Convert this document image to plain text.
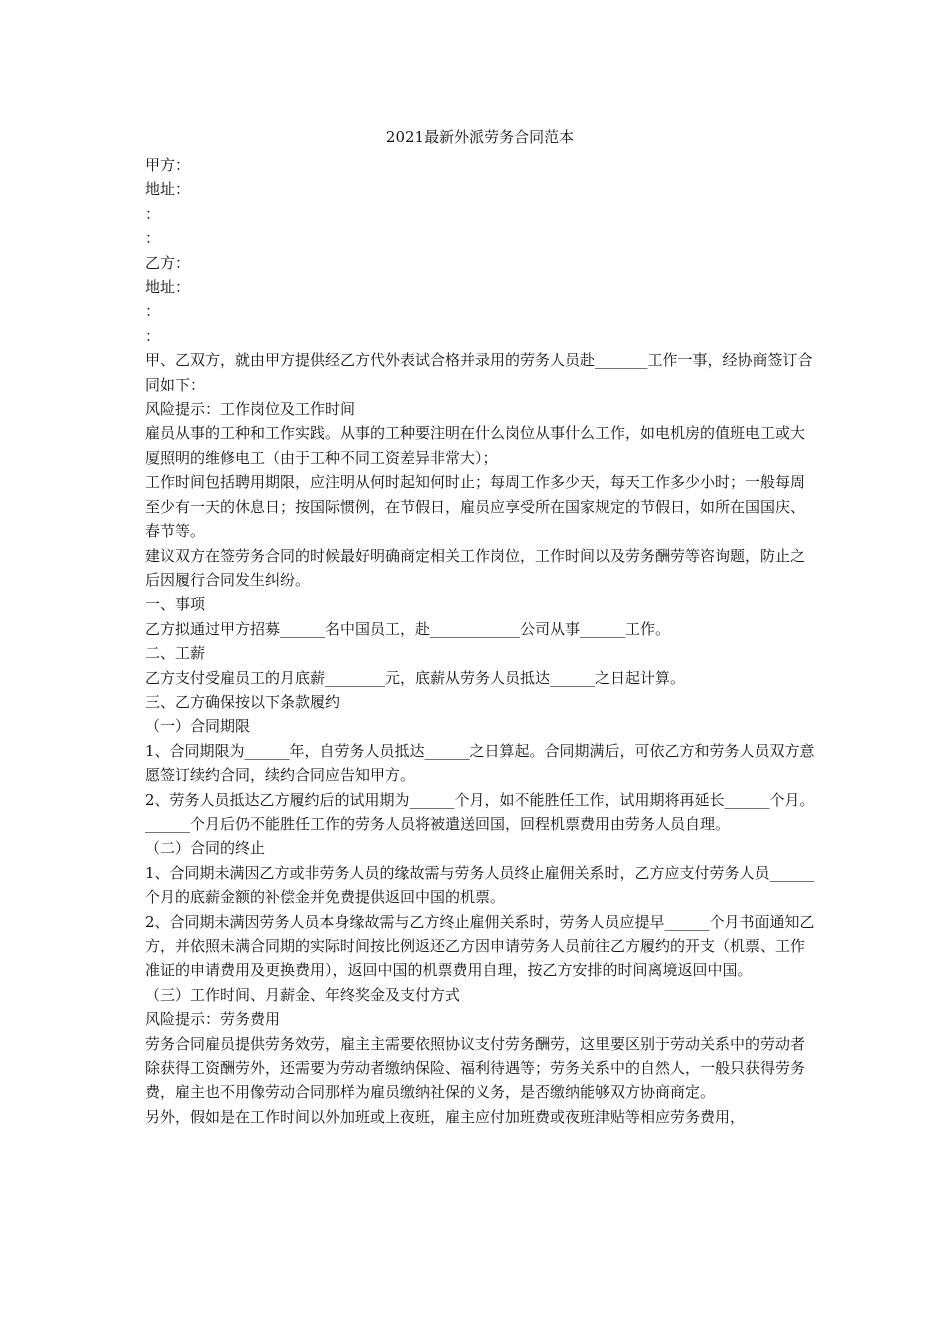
2021最新外派劳务合同范本

甲方：

地址：

：

：

乙方：

地址：

：

：

甲、乙双方，就由甲方提供经乙方代外表试合格并录用的劳务人员赴_______工作一事，经协商签订合同如下：

风险提示：工作岗位及工作时间

雇员从事的工种和工作实践。从事的工种要注明在什么岗位从事什么工作，如电机房的值班电工或大厦照明的维修电工（由于工种不同工资差异非常大）；

工作时间包括聘用期限，应注明从何时起知何时止；每周工作多少天，每天工作多少小时；一般每周至少有一天的休息日；按国际惯例，在节假日，雇员应享受所在国家规定的节假日，如所在国国庆、春节等。

建议双方在签劳务合同的时候最好明确商定相关工作岗位，工作时间以及劳务酬劳等咨询题，防止之后因履行合同发生纠纷。

一、事项

乙方拟通过甲方招募______名中国员工，赴____________公司从事______工作。

二、工薪

乙方支付受雇员工的月底薪________元，底薪从劳务人员抵达______之日起计算。

三、乙方确保按以下条款履约

（一）合同期限

1、合同期限为______年，自劳务人员抵达______之日算起。合同期满后，可依乙方和劳务人员双方意愿签订续约合同，续约合同应告知甲方。

2、劳务人员抵达乙方履约后的试用期为______个月，如不能胜任工作，试用期将再延长______个月。______个月后仍不能胜任工作的劳务人员将被遣送回国，回程机票费用由劳务人员自理。

（二）合同的终止

1、合同期未满因乙方或非劳务人员的缘故需与劳务人员终止雇佣关系时，乙方应支付劳务人员______个月的底薪金额的补偿金并免费提供返回中国的机票。

2、合同期未满因劳务人员本身缘故需与乙方终止雇佣关系时，劳务人员应提早______个月书面通知乙方，并依照未满合同期的实际时间按比例返还乙方因申请劳务人员前往乙方履约的开支（机票、工作准证的申请费用及更换费用），返回中国的机票费用自理，按乙方安排的时间离境返回中国。

（三）工作时间、月薪金、年终奖金及支付方式

风险提示：劳务费用

劳务合同雇员提供劳务效劳，雇主主需要依照协议支付劳务酬劳，这里要区别于劳动关系中的劳动者除获得工资酬劳外，还需要为劳动者缴纳保险、福利待遇等；劳务关系中的自然人，一般只获得劳务费，雇主也不用像劳动合同那样为雇员缴纳社保的义务，是否缴纳能够双方协商商定。

另外，假如是在工作时间以外加班或上夜班，雇主应付加班费或夜班津贴等相应劳务费用，
